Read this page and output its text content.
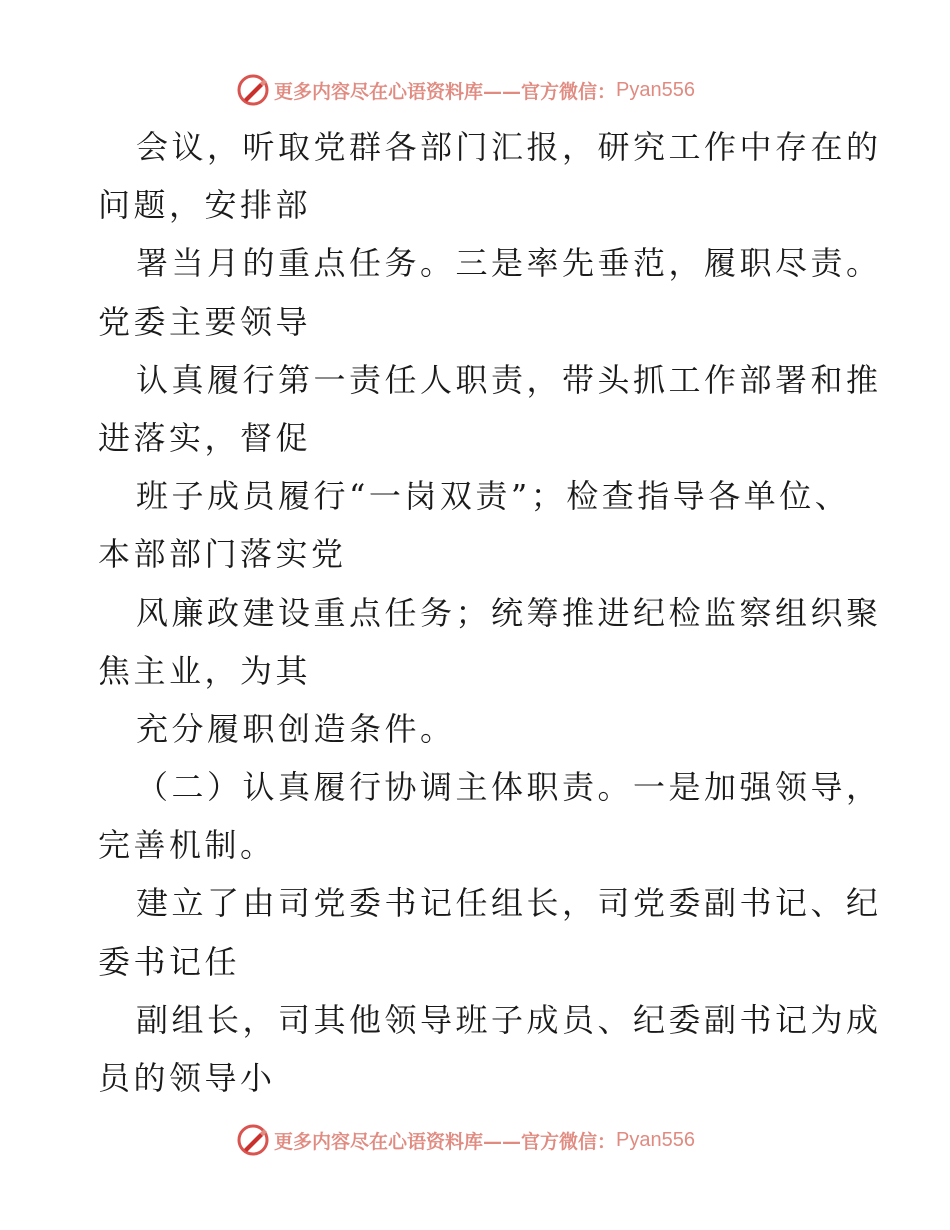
更多内容尽在心语资料库——官方微信： Pyan556
会议，听取党群各部门汇报，研究工作中存在的
问题，安排部
署当月的重点任务。三是率先垂范，履职尽责。
党委主要领导
认真履行第一责任人职责，带头抓工作部署和推
进落实，督促
班子成员履行“一岗双责”；检查指导各单位、
本部部门落实党
风廉政建设重点任务；统筹推进纪检监察组织聚
焦主业，为其
充分履职创造条件。
（二）认真履行协调主体职责。一是加强领导，
完善机制。
建立了由司党委书记任组长，司党委副书记、纪
委书记任
副组长，司其他领导班子成员、纪委副书记为成
员的领导小
更多内容尽在心语资料库——官方微信： Pyan556
